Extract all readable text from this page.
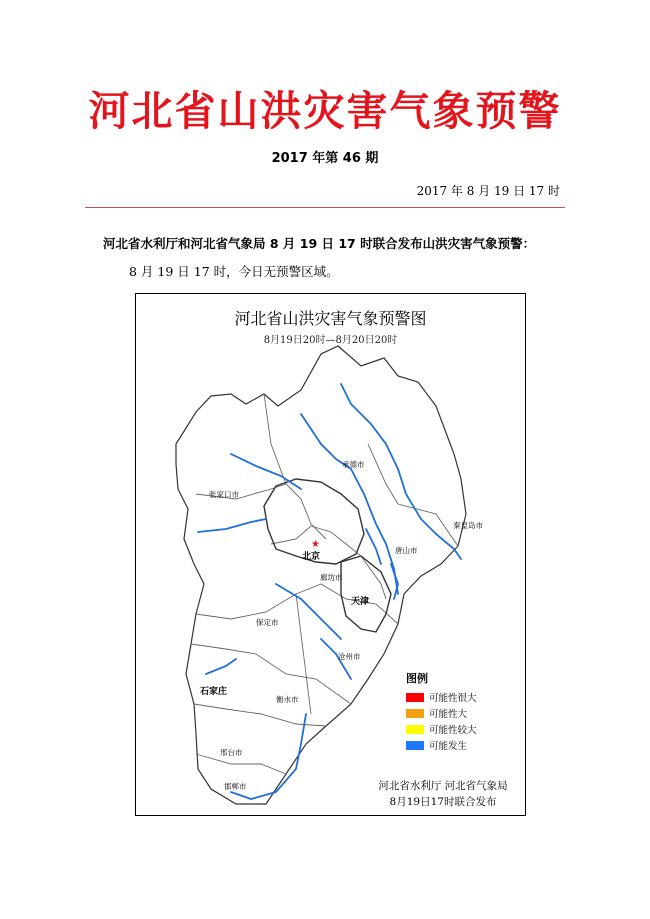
河北省山洪灾害气象预警
2017 年第 46 期
2017 年 8 月 19 日 17 时
河北省水利厅和河北省气象局 8 月 19 日 17 时联合发布山洪灾害气象预警：
8 月 19 日 17 时，今日无预警区域。
★
河北省山洪灾害气象预警图
8月19日20时—8月20日20时
承德市
张家口市
秦皇岛市
北京
唐山市
廊坊市
天津
保定市
沧州市
石家庄
衡水市
邢台市
邯郸市
图例
可能性很大
可能性大
可能性较大
可能发生
河北省水利厅 河北省气象局
8月19日17时联合发布
